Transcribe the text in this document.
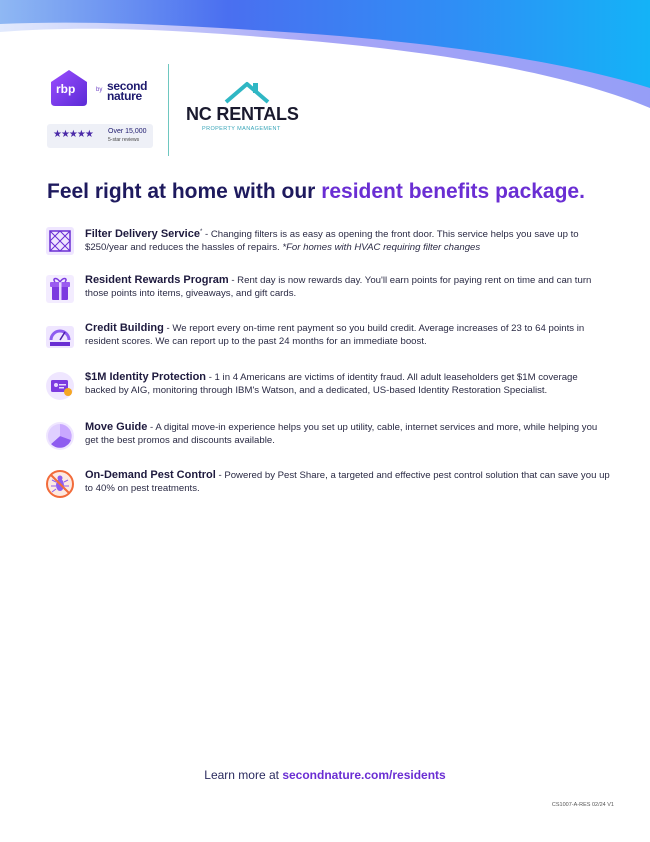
rbp	by second nature
★★★★★ Over 15,000
5-star reviews
NC RENTALS
PROPERTY MANAGEMENT
Feel right at home with our resident benefits package.
Filter Delivery Service* - Changing filters is as easy as opening the front door. This service helps you save up to $250/year and reduces the hassles of repairs. *For homes with HVAC requiring filter changes
Resident Rewards Program - Rent day is now rewards day. You'll earn points for paying rent on time and can turn those points into items, giveaways, and gift cards.
Credit Building - We report every on-time rent payment so you build credit. Average increases of 23 to 64 points in resident scores. We can report up to the past 24 months for an immediate boost.
$1M Identity Protection - 1 in 4 Americans are victims of identity fraud. All adult leaseholders get $1M coverage backed by AIG, monitoring through IBM's Watson, and a dedicated, US-based Identity Restoration Specialist.
Move Guide - A digital move-in experience helps you set up utility, cable, internet services and more, while helping you get the best promos and discounts available.
On-Demand Pest Control - Powered by Pest Share, a targeted and effective pest control solution that can save you up to 40% on pest treatments.
Learn more at secondnature.com/residents
CS1007-A-RES 02/24 V1
